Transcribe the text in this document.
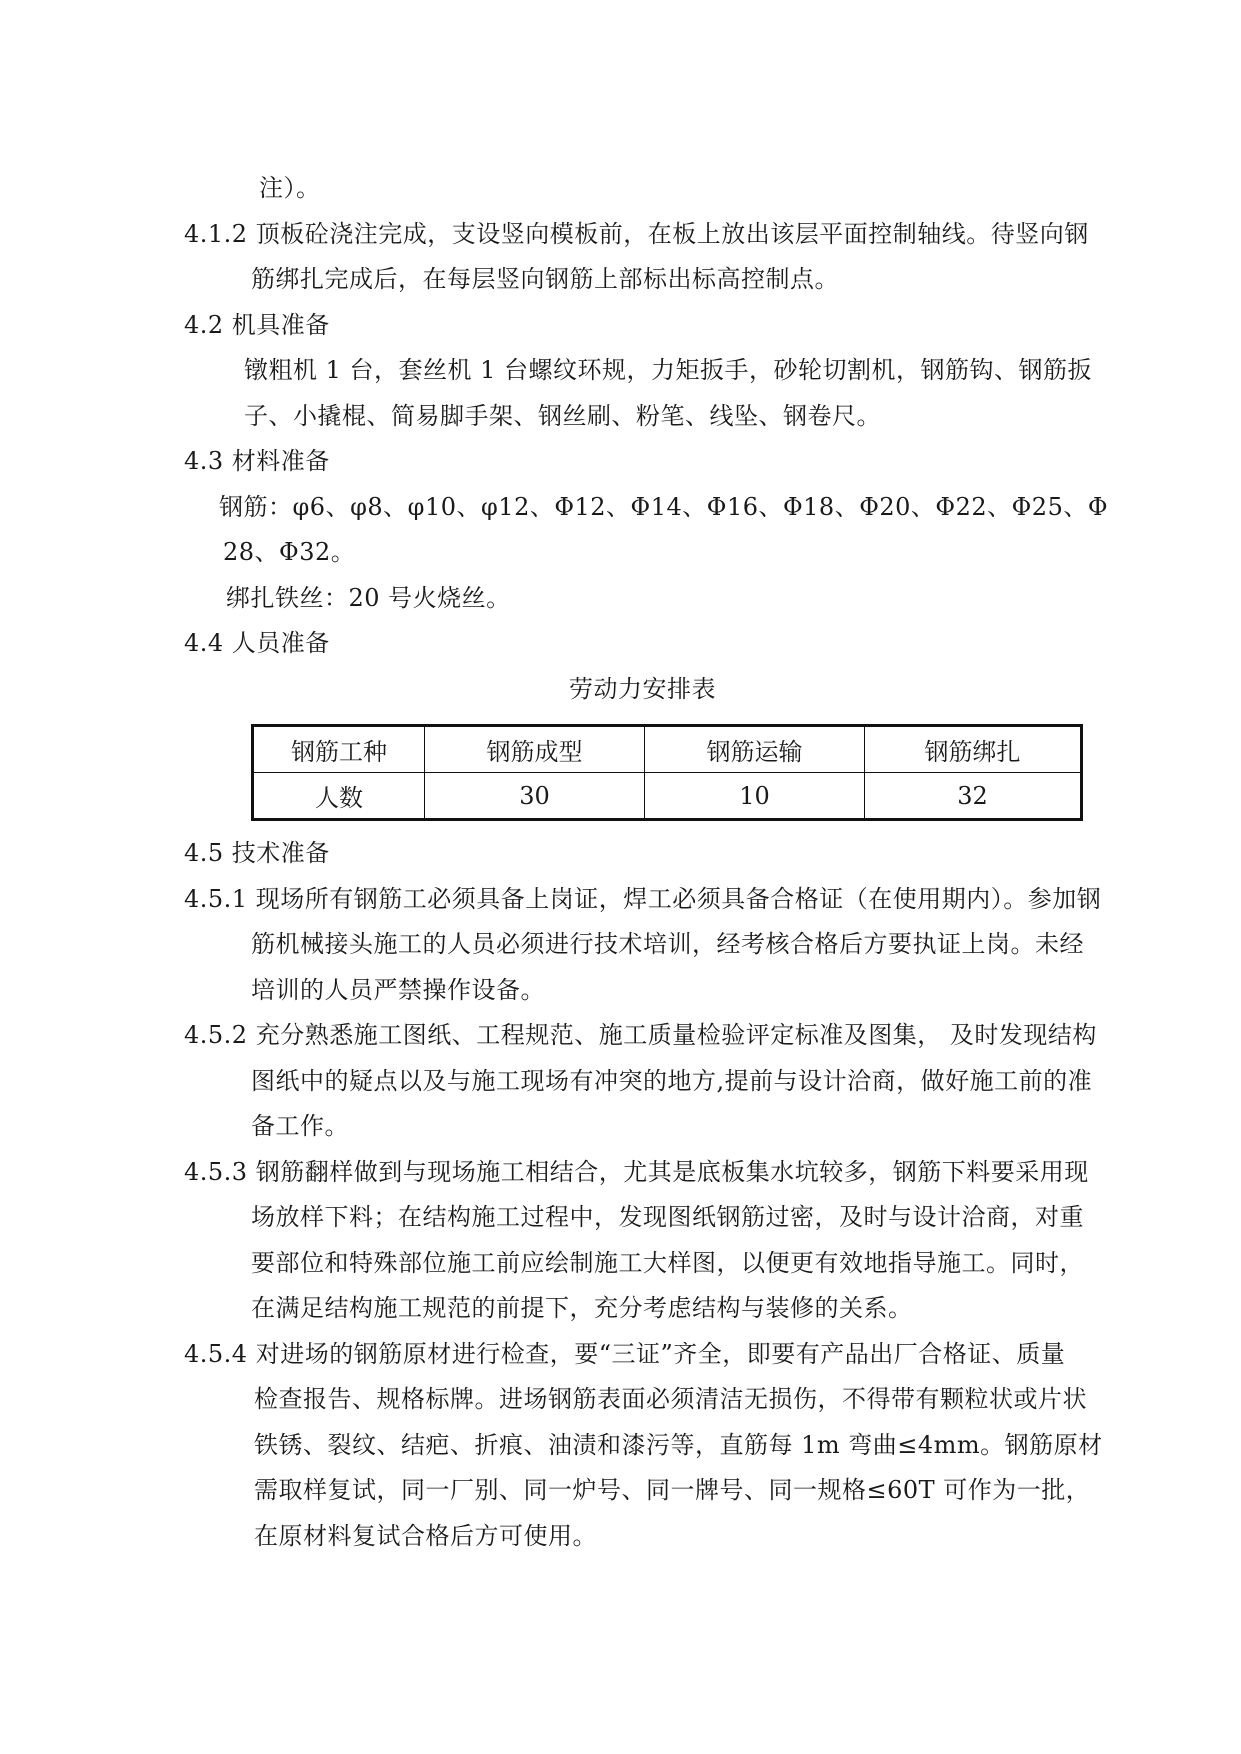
注）。
4.1.2 顶板砼浇注完成，支设竖向模板前，在板上放出该层平面控制轴线。待竖向钢
筋绑扎完成后，在每层竖向钢筋上部标出标高控制点。
4.2 机具准备
镦粗机 1 台，套丝机 1 台螺纹环规，力矩扳手，砂轮切割机，钢筋钩、钢筋扳
子、小撬棍、简易脚手架、钢丝刷、粉笔、线坠、钢卷尺。
4.3 材料准备
钢筋：φ6、φ8、φ10、φ12、Φ12、Φ14、Φ16、Φ18、Φ20、Φ22、Φ25、Φ
28、Φ32。
绑扎铁丝：20 号火烧丝。
4.4 人员准备
劳动力安排表
钢筋工种	钢筋成型	钢筋运输	钢筋绑扎
人数	30	10	32
4.5 技术准备
4.5.1 现场所有钢筋工必须具备上岗证，焊工必须具备合格证（在使用期内）。参加钢
筋机械接头施工的人员必须进行技术培训，经考核合格后方要执证上岗。未经
培训的人员严禁操作设备。
4.5.2 充分熟悉施工图纸、工程规范、施工质量检验评定标准及图集， 及时发现结构
图纸中的疑点以及与施工现场有冲突的地方,提前与设计洽商，做好施工前的准
备工作。
4.5.3 钢筋翻样做到与现场施工相结合，尤其是底板集水坑较多，钢筋下料要采用现
场放样下料；在结构施工过程中，发现图纸钢筋过密，及时与设计洽商，对重
要部位和特殊部位施工前应绘制施工大样图，以便更有效地指导施工。同时，
在满足结构施工规范的前提下，充分考虑结构与装修的关系。
4.5.4 对进场的钢筋原材进行检查，要“三证”齐全，即要有产品出厂合格证、质量
检查报告、规格标牌。进场钢筋表面必须清洁无损伤，不得带有颗粒状或片状
铁锈、裂纹、结疤、折痕、油渍和漆污等，直筋每 1m 弯曲≤4mm。钢筋原材
需取样复试，同一厂别、同一炉号、同一牌号、同一规格≤60T 可作为一批，
在原材料复试合格后方可使用。
